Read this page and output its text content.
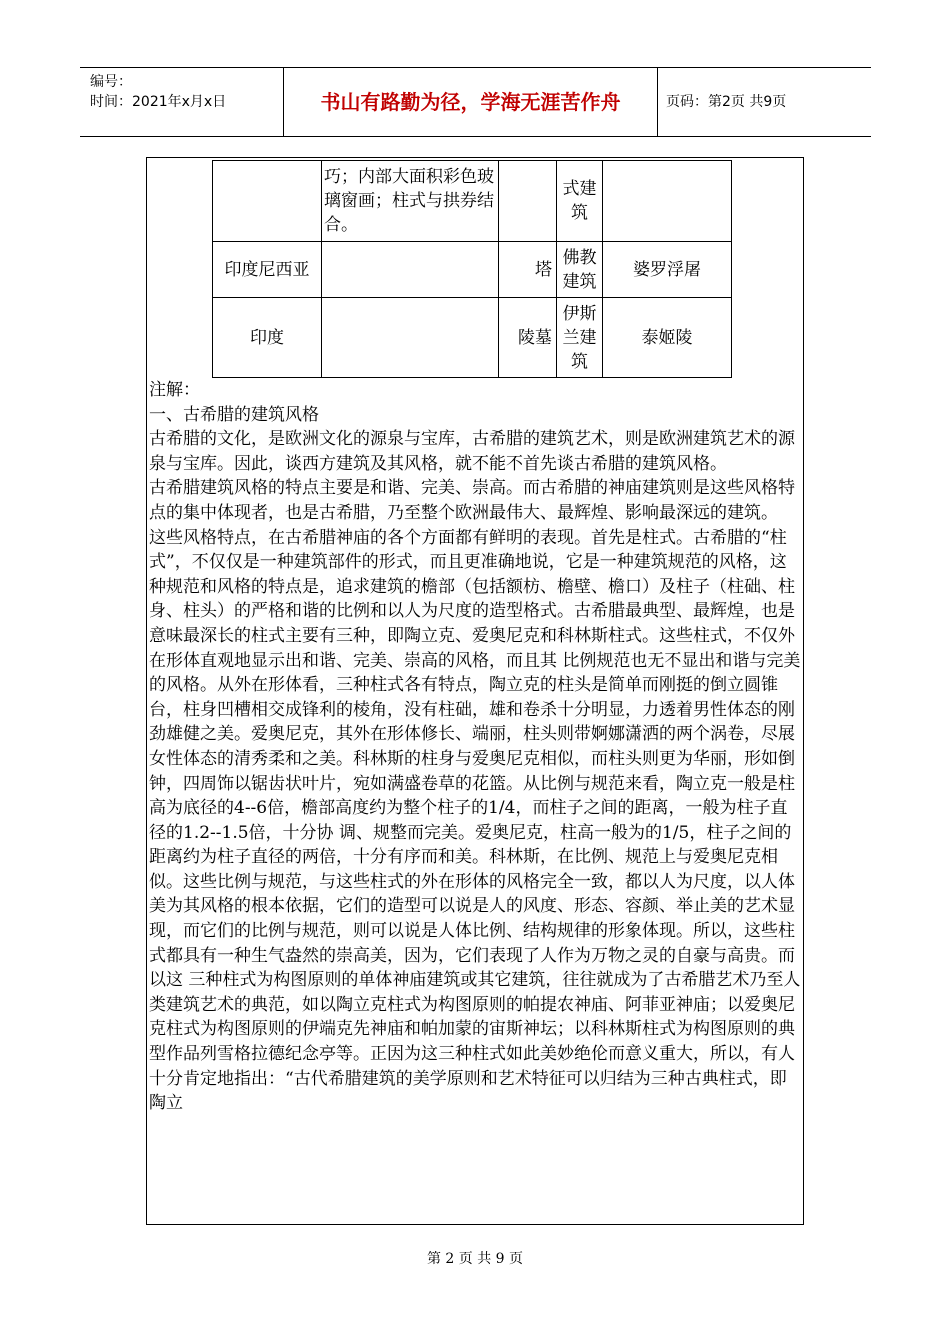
编号：
时间：2021年x月x日	书山有路勤为径，学海无涯苦作舟	页码：第2页 共9页
	巧；内部大面积彩色玻璃窗画；柱式与拱券结合。		式建筑	
印度尼西亚		塔	佛教建筑	婆罗浮屠
印度		陵墓	伊斯兰建筑	泰姬陵

注解：

一、古希腊的建筑风格

古希腊的文化，是欧洲文化的源泉与宝库，古希腊的建筑艺术，则是欧洲建筑艺术的源泉与宝库。因此，谈西方建筑及其风格，就不能不首先谈古希腊的建筑风格。

古希腊建筑风格的特点主要是和谐、完美、崇高。而古希腊的神庙建筑则是这些风格特点的集中体现者，也是古希腊，乃至整个欧洲最伟大、最辉煌、影响最深远的建筑。

这些风格特点，在古希腊神庙的各个方面都有鲜明的表现。首先是柱式。古希腊的“柱式”，不仅仅是一种建筑部件的形式，而且更准确地说，它是一种建筑规范的风格，这种规范和风格的特点是，追求建筑的檐部（包括额枋、檐壁、檐口）及柱子（柱础、柱身、柱头）的严格和谐的比例和以人为尺度的造型格式。古希腊最典型、最辉煌，也是意味最深长的柱式主要有三种，即陶立克、爱奥尼克和科林斯柱式。这些柱式，不仅外在形体直观地显示出和谐、完美、崇高的风格，而且其 比例规范也无不显出和谐与完美的风格。从外在形体看，三种柱式各有特点，陶立克的柱头是简单而刚挺的倒立圆锥台，柱身凹槽相交成锋利的棱角，没有柱础，雄和卷杀十分明显，力透着男性体态的刚劲雄健之美。爱奥尼克，其外在形体修长、端丽，柱头则带婀娜潇洒的两个涡卷，尽展女性体态的清秀柔和之美。科林斯的柱身与爱奥尼克相似，而柱头则更为华丽，形如倒钟，四周饰以锯齿状叶片，宛如满盛卷草的花篮。从比例与规范来看，陶立克一般是柱高为底径的4--6倍，檐部高度约为整个柱子的1/4，而柱子之间的距离，一般为柱子直径的1.2--1.5倍，十分协 调、规整而完美。爱奥尼克，柱高一般为的1/5，柱子之间的距离约为柱子直径的两倍，十分有序而和美。科林斯，在比例、规范上与爱奥尼克相似。这些比例与规范，与这些柱式的外在形体的风格完全一致，都以人为尺度，以人体美为其风格的根本依据，它们的造型可以说是人的风度、形态、容颜、举止美的艺术显现，而它们的比例与规范，则可以说是人体比例、结构规律的形象体现。所以，这些柱式都具有一种生气盎然的崇高美，因为，它们表现了人作为万物之灵的自豪与高贵。而以这 三种柱式为构图原则的单体神庙建筑或其它建筑，往往就成为了古希腊艺术乃至人类建筑艺术的典范，如以陶立克柱式为构图原则的帕提农神庙、阿菲亚神庙；以爱奥尼克柱式为构图原则的伊端克先神庙和帕加蒙的宙斯神坛；以科林斯柱式为构图原则的典型作品列雪格拉德纪念亭等。正因为这三种柱式如此美妙绝伦而意义重大，所以，有人十分肯定地指出：“古代希腊建筑的美学原则和艺术特征可以归结为三种古典柱式，即陶立

第 2 页 共 9 页
